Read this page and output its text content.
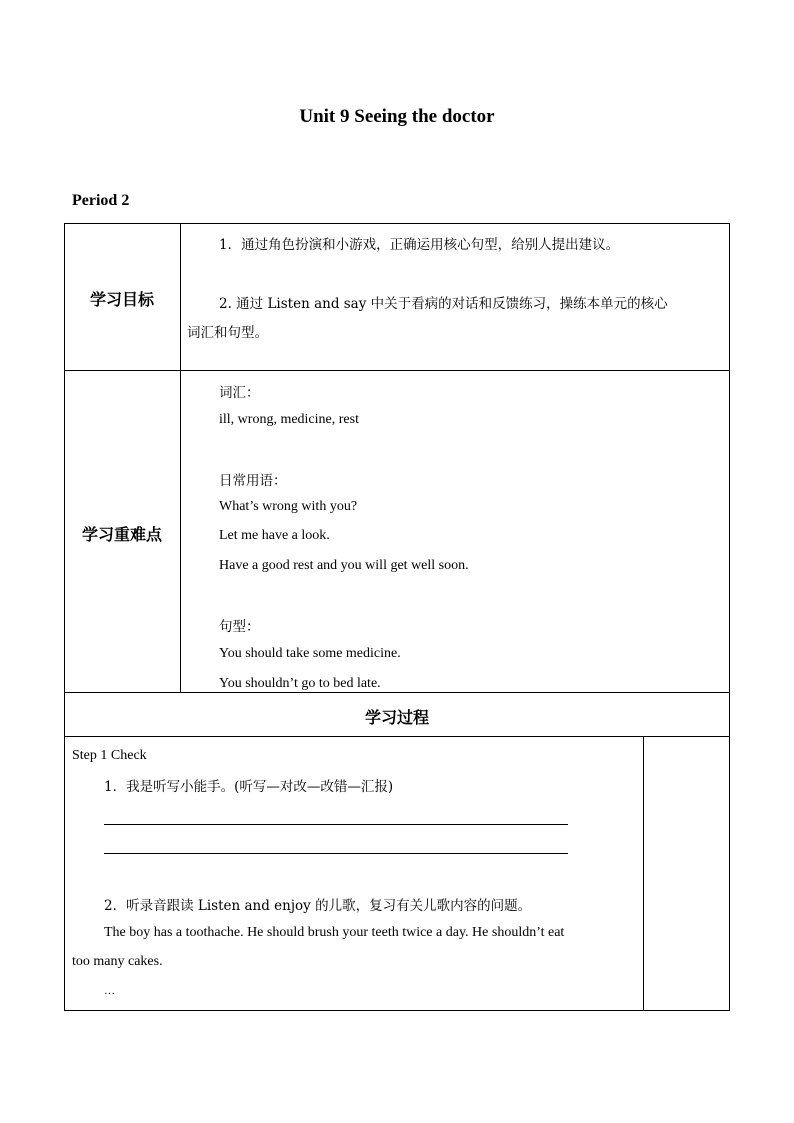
Unit 9 Seeing the doctor
Period 2
学习目标
1．通过角色扮演和小游戏，正确运用核心句型，给别人提出建议。
2. 通过 Listen and say 中关于看病的对话和反馈练习，操练本单元的核心
词汇和句型。
学习重难点
词汇：
ill, wrong, medicine, rest
日常用语：
What’s wrong with you?
Let me have a look.
Have a good rest and you will get well soon.
句型：
You should take some medicine.
You shouldn’t go to bed late.
学习过程
Step 1 Check
1．我是听写小能手。(听写—对改—改错—汇报)
2．听录音跟读 Listen and enjoy 的儿歌，复习有关儿歌内容的问题。
The boy has a toothache. He should brush your teeth twice a day. He shouldn’t eat
too many cakes.
…
